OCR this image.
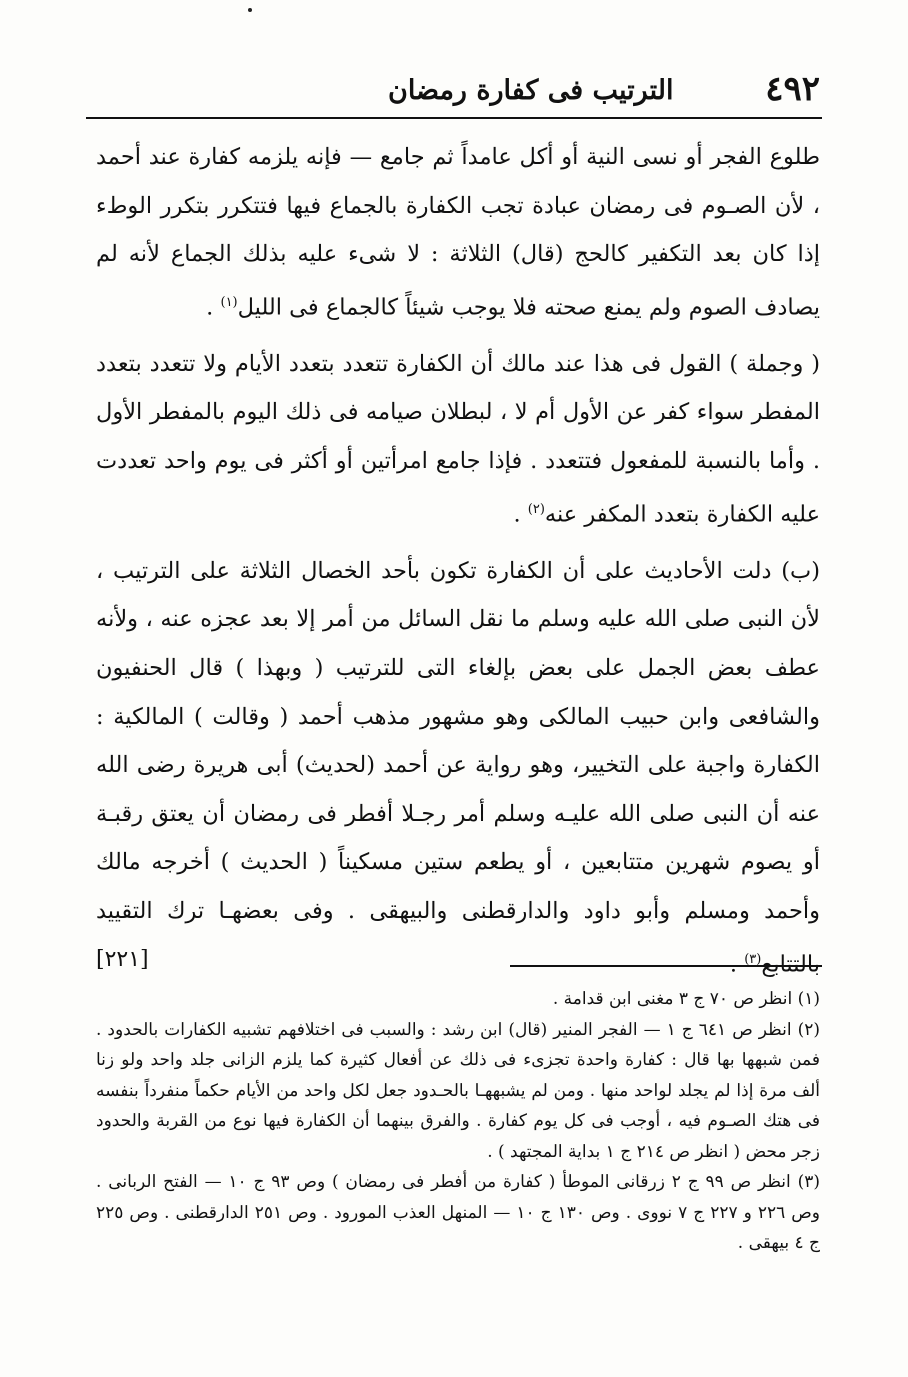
٤٩٢
الترتيب فى كفارة رمضان

طلوع الفجر أو نسى النية أو أكل عامداً ثم جامع — فإنه يلزمه كفارة عند أحمد ، لأن الصـوم فى رمضان عبادة تجب الكفارة بالجماع فيها فتتكرر بتكرر الوطء إذا كان بعد التكفير كالحج (قال) الثلاثة : لا شىء عليه بذلك الجماع لأنه لم يصادف الصوم ولم يمنع صحته فلا يوجب شيئاً كالجماع فى الليل$^{(١)}$ .

( وجملة ) القول فى هذا عند مالك أن الكفارة تتعدد بتعدد الأيام ولا تتعدد بتعدد المفطر سواء كفر عن الأول أم لا ، لبطلان صيامه فى ذلك اليوم بالمفطر الأول . وأما بالنسبة للمفعول فتتعدد . فإذا جامع امرأتين أو أكثر فى يوم واحد تعددت عليه الكفارة بتعدد المكفر عنه$^{(٢)}$ .

(ب) دلت الأحاديث على أن الكفارة تكون بأحد الخصال الثلاثة على الترتيب ، لأن النبى صلى الله عليه وسلم ما نقل السائل من أمر إلا بعد عجزه عنه ، ولأنه عطف بعض الجمل على بعض بإلغاء التى للترتيب ( وبهذا ) قال الحنفيون والشافعى وابن حبيب المالكى وهو مشهور مذهب أحمد ( وقالت ) المالكية : الكفارة واجبة على التخيير، وهو رواية عن أحمد (لحديث) أبى هريرة رضى الله عنه أن النبى صلى الله عليـه وسلم أمر رجـلا أفطر فى رمضان أن يعتق رقبـة أو يصوم شهرين متتابعين ، أو يطعم ستين مسكيناً ( الحديث ) أخرجه مالك وأحمد ومسلم وأبو داود والدارقطنى والبيهقى . وفى بعضهـا ترك التقييد بالتتابع$^{(٣)}$ .
[٢٢١]

(١) انظر ص ٧٠ ج ٣ مغنى ابن قدامة .

(٢) انظر ص ٦٤١ ج ١ — الفجر المنير (قال) ابن رشد : والسبب فى اختلافهم تشبيه الكفارات بالحدود . فمن شبهها بها قال : كفارة واحدة تجزىء فى ذلك عن أفعال كثيرة كما يلزم الزانى جلد واحد ولو زنا ألف مرة إذا لم يجلد لواحد منها . ومن لم يشبههـا بالحـدود جعل لكل واحد من الأيام حكماً منفرداً بنفسه فى هتك الصـوم فيه ، أوجب فى كل يوم كفارة . والفرق بينهما أن الكفارة فيها نوع من القربة والحدود زجر محض ( انظر ص ٢١٤ ج ١ بداية المجتهد ) .

(٣) انظر ص ٩٩ ج ٢ زرقانى الموطأ ( كفارة من أفطر فى رمضان ) وص ٩٣ ج ١٠ — الفتح الربانى . وص ٢٢٦ و ٢٢٧ ج ٧ نووى . وص ١٣٠ ج ١٠ — المنهل العذب المورود . وص ٢٥١ الدارقطنى . وص ٢٢٥ ج ٤ بيهقى .
